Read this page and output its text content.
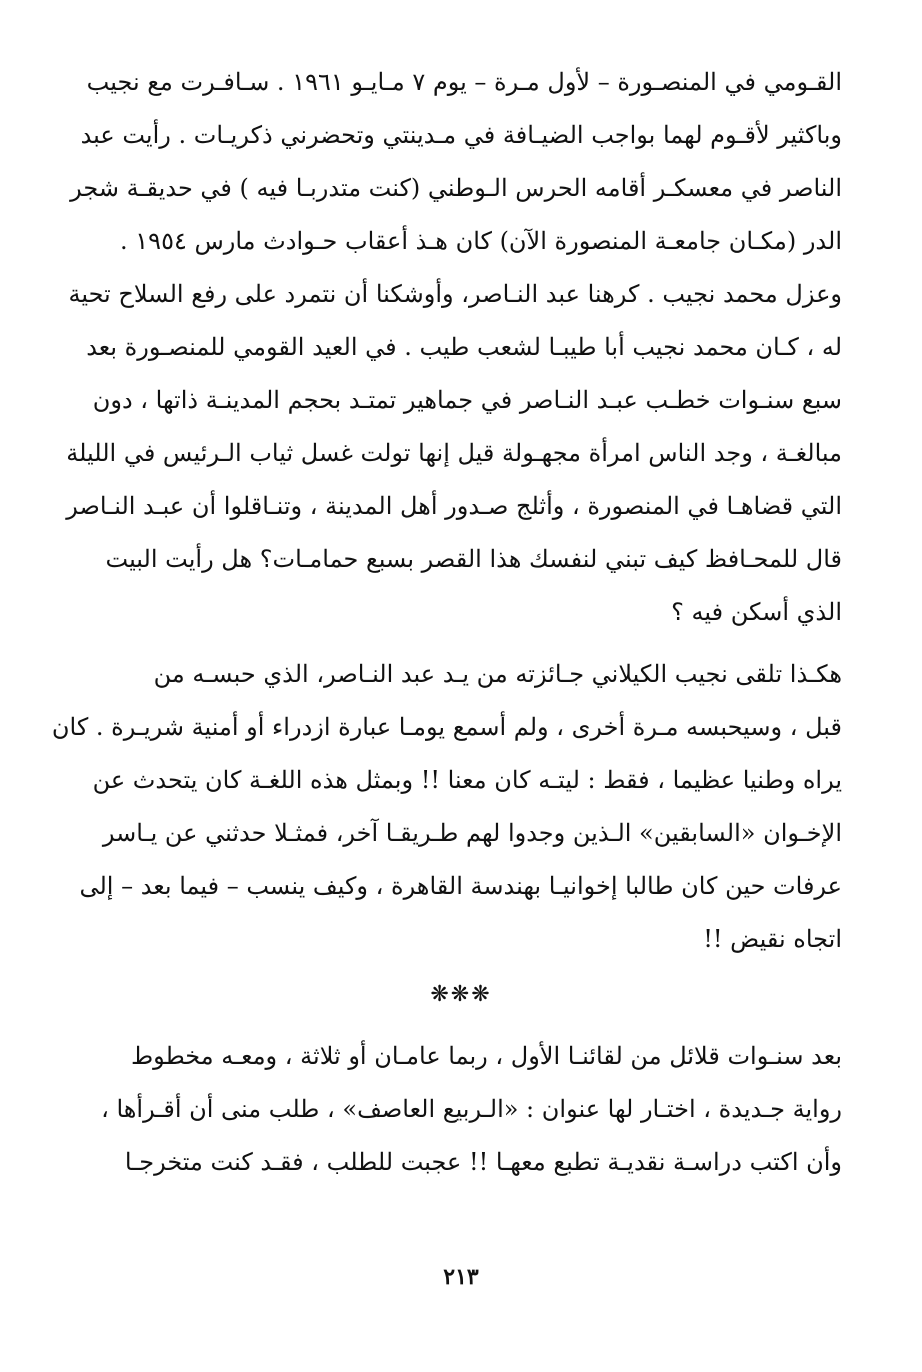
القـومي في المنصـورة – لأول مـرة – يوم ٧ مـايـو ١٩٦١ . سـافـرت مع نجيب
وباكثير لأقـوم لهما بواجب الضيـافة في مـدينتي وتحضرني ذكريـات . رأيت عبد
الناصر في معسكـر أقامه الحرس الـوطني (كنت متدربـا فيه ) في حديقـة شجر
الدر (مكـان جامعـة المنصورة الآن) كان هـذ أعقاب حـوادث مارس ١٩٥٤ .
وعزل محمد نجيب . كرهنا عبد النـاصر، وأوشكنا أن نتمرد على رفع السلاح تحية
له ، كـان محمد نجيب أبا طيبـا لشعب طيب . في العيد القومي للمنصـورة بعد
سبع سنـوات خطـب عبـد النـاصر في جماهير تمتـد بحجم المدينـة ذاتها ، دون
مبالغـة ، وجد الناس امرأة مجهـولة قيل إنها تولت غسل ثياب الـرئيس في الليلة
التي قضاهـا في المنصورة ، وأثلج صـدور أهل المدينة ، وتنـاقلوا أن عبـد النـاصر
قال للمحـافظ كيف تبني لنفسك هذا القصر بسبع حمامـات؟ هل رأيت البيت
الذي أسكن فيه ؟
هكـذا تلقى نجيب الكيلاني جـائزته من يـد عبد النـاصر، الذي حبسـه من
قبل ، وسيحبسه مـرة أخرى ، ولم أسمع يومـا عبارة ازدراء أو أمنية شريـرة . كان
يراه وطنيا عظيما ، فقط : ليتـه كان معنا !! وبمثل هذه اللغـة كان يتحدث عن
الإخـوان «السابقين» الـذين وجدوا لهم طـريقـا آخر، فمثـلا حدثني عن يـاسر
عرفات حين كان طالبا إخوانيـا بهندسة القاهرة ، وكيف ينسب – فيما بعد – إلى
اتجاه نقيض !!
❋❋❋
بعد سنـوات قلائل من لقائنـا الأول ، ربما عامـان أو ثلاثة ، ومعـه مخطوط
رواية جـديدة ، اختـار لها عنوان : «الـربيع العاصف» ، طلب منى أن أقـرأها ،
وأن اكتب دراسـة نقديـة تطبع معهـا !! عجبت للطلب ، فقـد كنت متخرجـا
٢١٣
